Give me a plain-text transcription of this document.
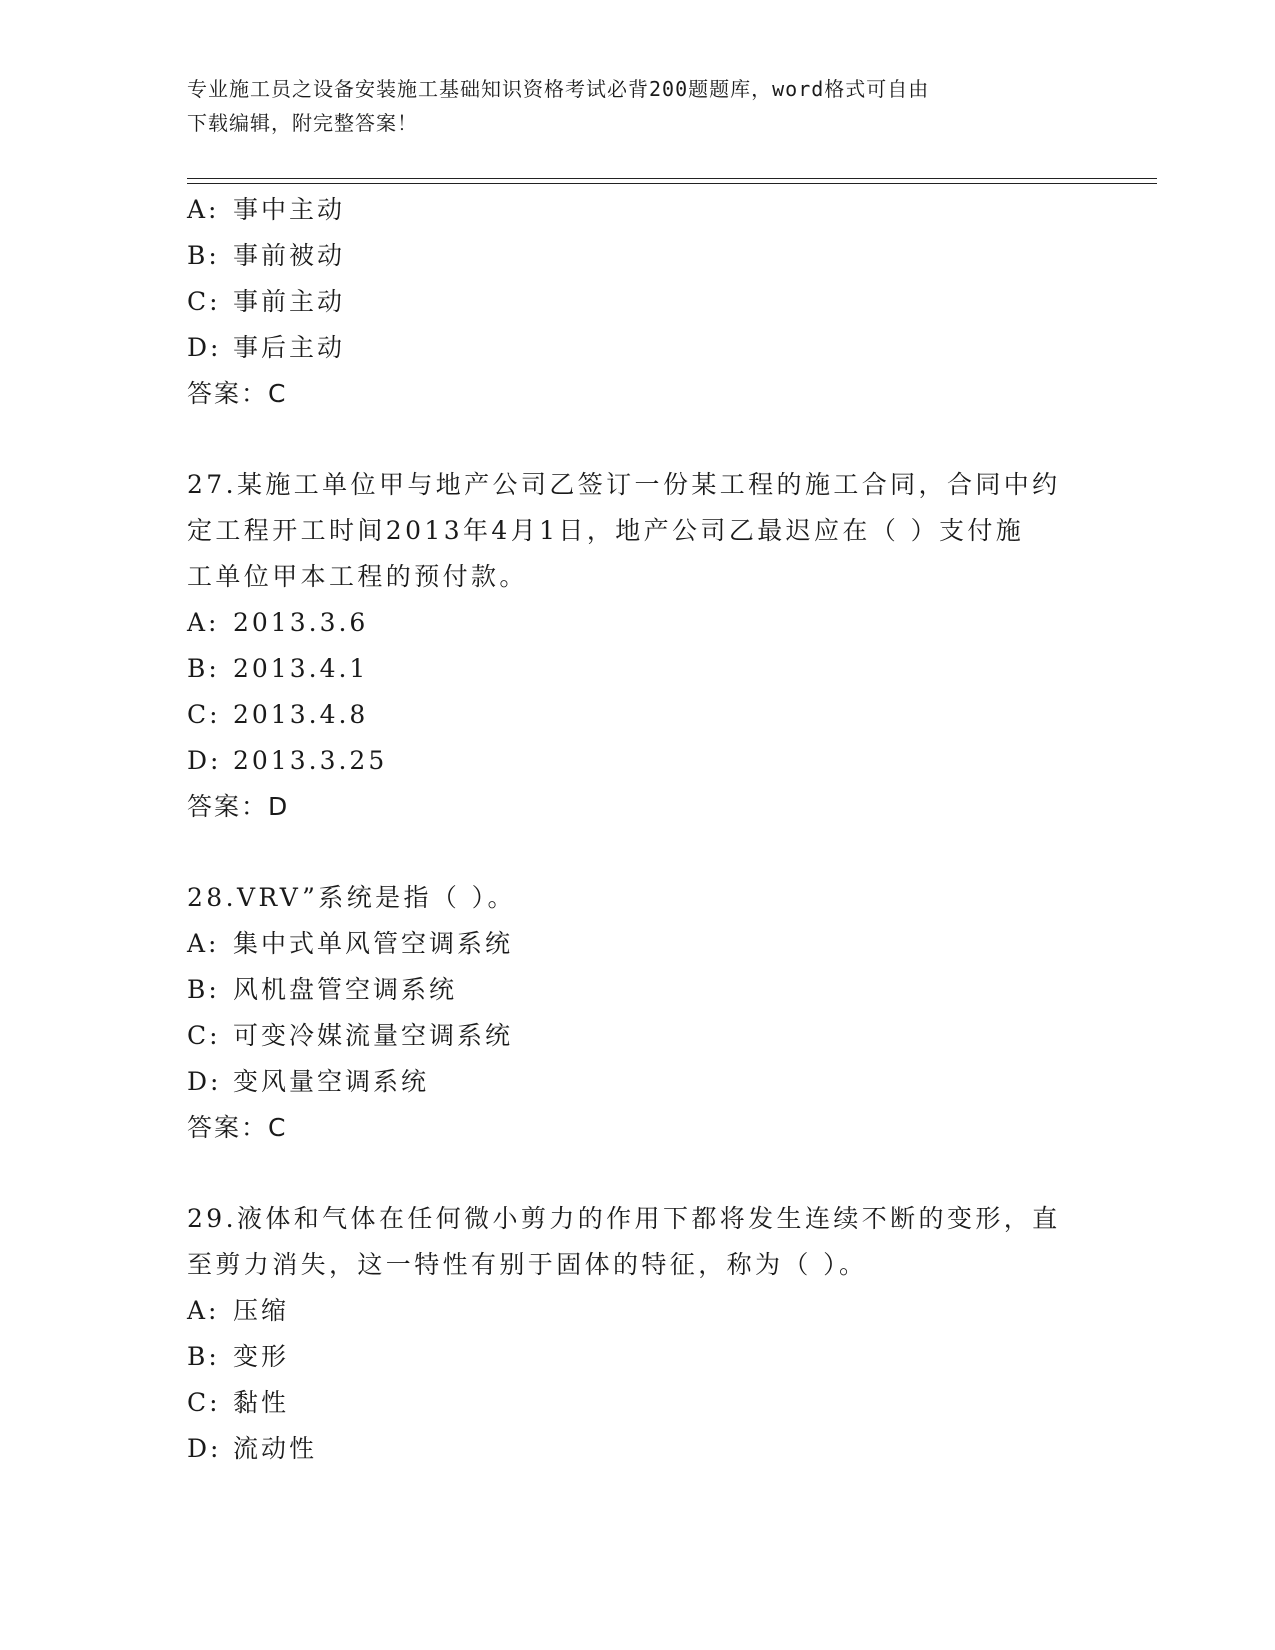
专业施工员之设备安装施工基础知识资格考试必背200题题库，word格式可自由
下载编辑，附完整答案！
A: 事中主动
B: 事前被动
C: 事前主动
D: 事后主动
答案：C
27.某施工单位甲与地产公司乙签订一份某工程的施工合同，合同中约
定工程开工时间2013年4月1日，地产公司乙最迟应在（ ）支付施
工单位甲本工程的预付款。
A: 2013.3.6
B: 2013.4.1
C: 2013.4.8
D: 2013.3.25
答案：D
28.VRV”系统是指（ ）。
A: 集中式单风管空调系统
B: 风机盘管空调系统
C: 可变冷媒流量空调系统
D: 变风量空调系统
答案：C
29.液体和气体在任何微小剪力的作用下都将发生连续不断的变形，直
至剪力消失，这一特性有别于固体的特征，称为（ ）。
A: 压缩
B: 变形
C: 黏性
D: 流动性
